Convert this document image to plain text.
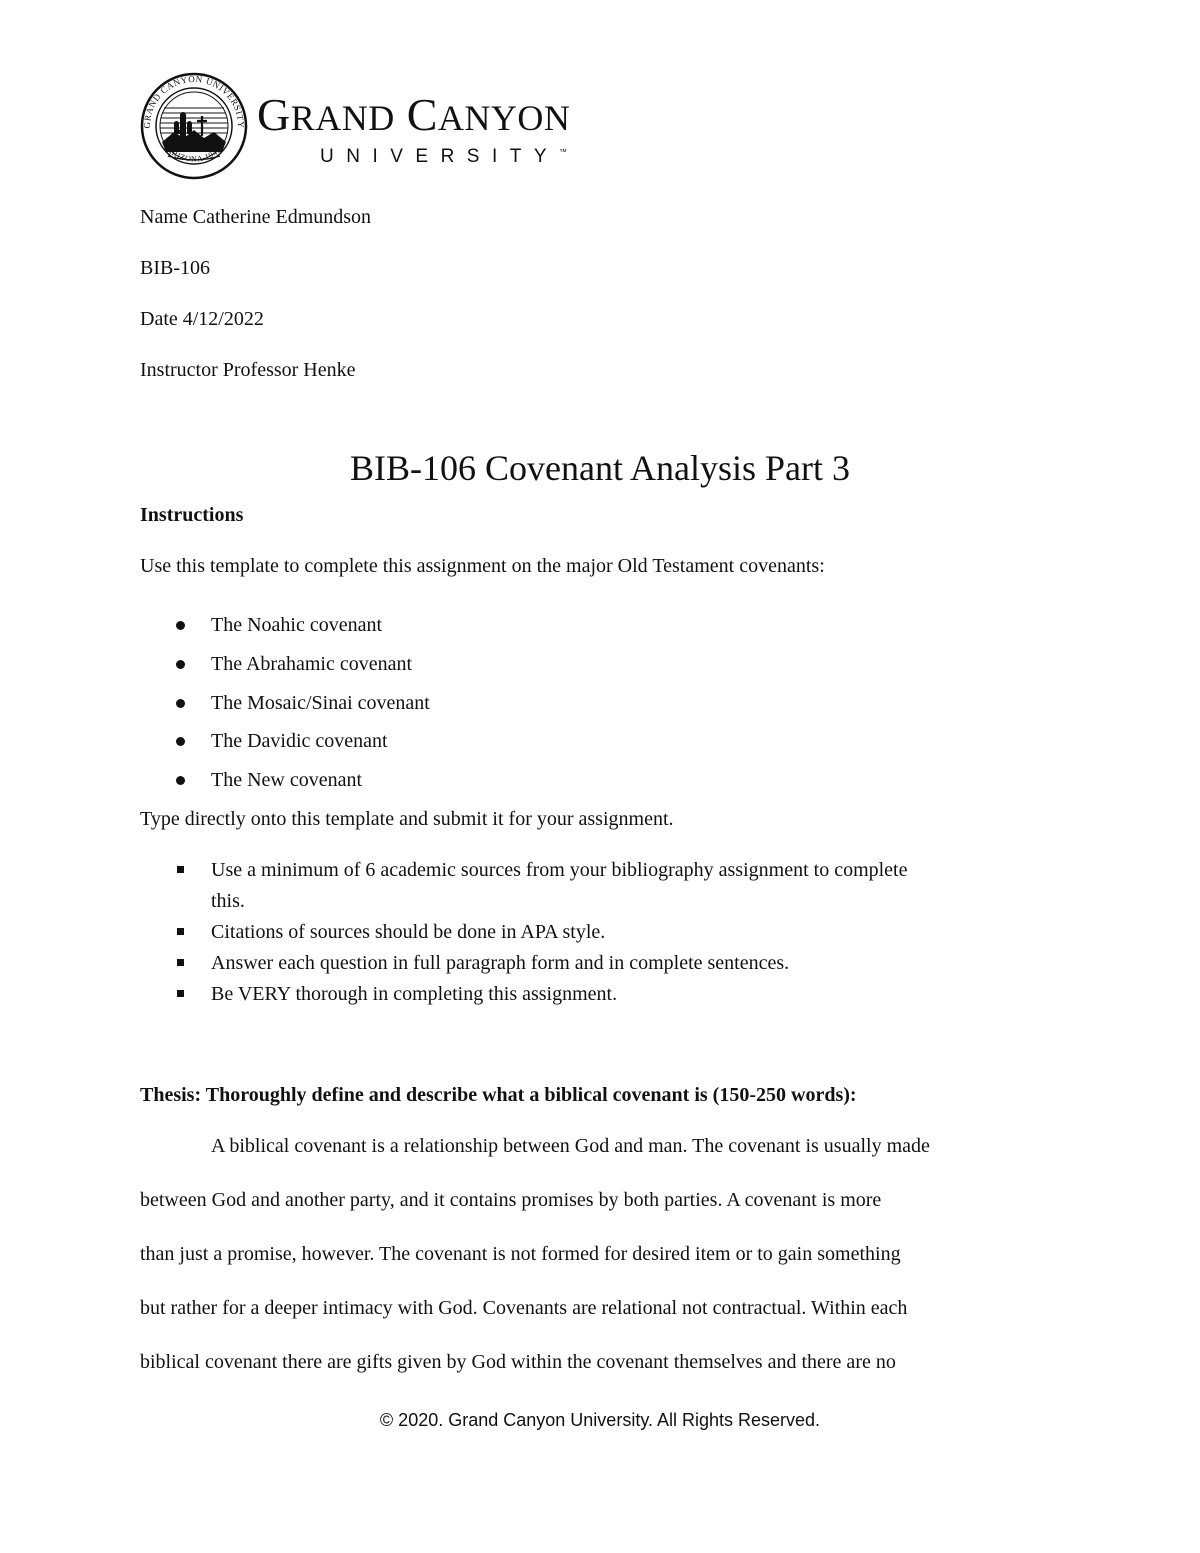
GRAND CANYON UNIVERSITY
ARIZONA 1949
GRAND CANYON
UNIVERSITY™
Name Catherine Edmundson
BIB-106
Date 4/12/2022
Instructor Professor Henke
BIB-106 Covenant Analysis Part 3
Instructions
Use this template to complete this assignment on the major Old Testament covenants:
The Noahic covenant
The Abrahamic covenant
The Mosaic/Sinai covenant
The Davidic covenant
The New covenant
Type directly onto this template and submit it for your assignment.
Use a minimum of 6 academic sources from your bibliography assignment to complete
this.
Citations of sources should be done in APA style.
Answer each question in full paragraph form and in complete sentences.
Be VERY thorough in completing this assignment.
Thesis: Thoroughly define and describe what a biblical covenant is (150-250 words):
A biblical covenant is a relationship between God and man. The covenant is usually made
between God and another party, and it contains promises by both parties. A covenant is more
than just a promise, however. The covenant is not formed for desired item or to gain something
but rather for a deeper intimacy with God. Covenants are relational not contractual. Within each
biblical covenant there are gifts given by God within the covenant themselves and there are no
© 2020. Grand Canyon University. All Rights Reserved.
